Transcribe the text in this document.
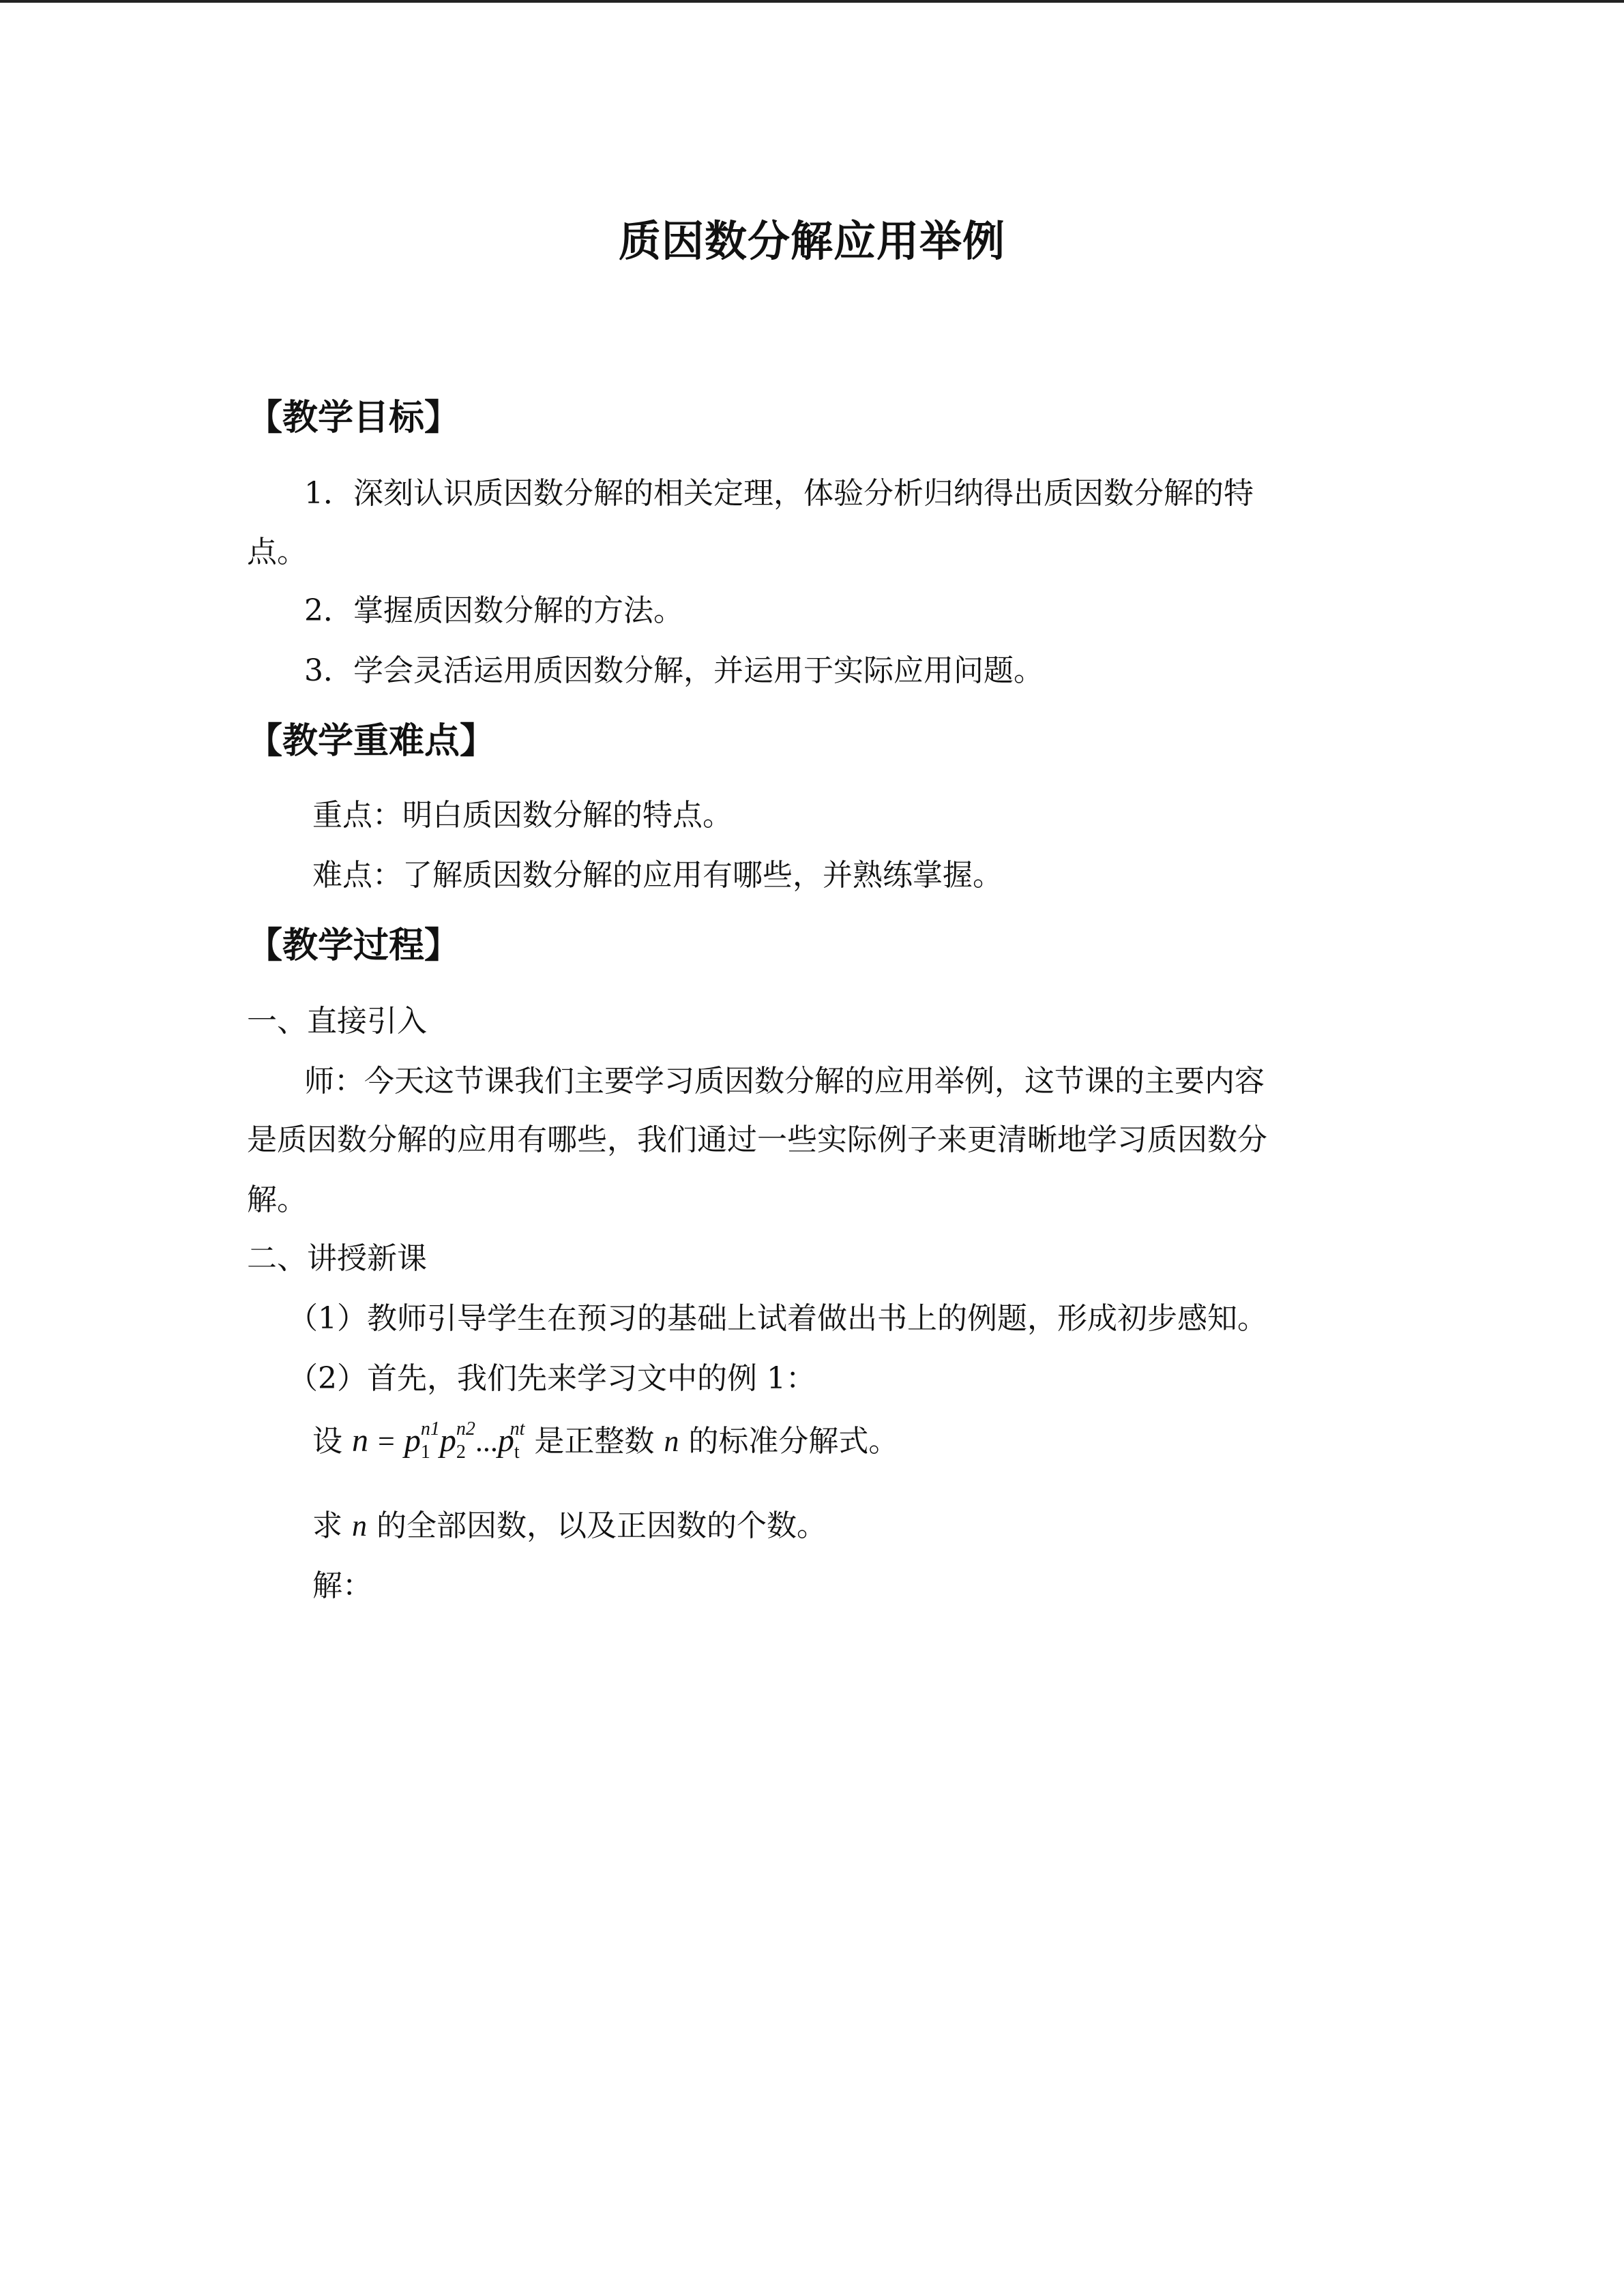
质因数分解应用举例
【教学目标】
1．深刻认识质因数分解的相关定理，体验分析归纳得出质因数分解的特
点。
2．掌握质因数分解的方法。
3．学会灵活运用质因数分解，并运用于实际应用问题。
【教学重难点】
重点：明白质因数分解的特点。
难点：了解质因数分解的应用有哪些，并熟练掌握。
【教学过程】
一、直接引入
师：今天这节课我们主要学习质因数分解的应用举例，这节课的主要内容
是质因数分解的应用有哪些，我们通过一些实际例子来更清晰地学习质因数分
解。
二、讲授新课
（1）教师引导学生在预习的基础上试着做出书上的例题，形成初步感知。
（2）首先，我们先来学习文中的例 1：
设 $n = p_1^{n1}p_2^{n2}...p_t^{nt}$ 是正整数 n 的标准分解式。
求 n 的全部因数，以及正因数的个数。
解：
